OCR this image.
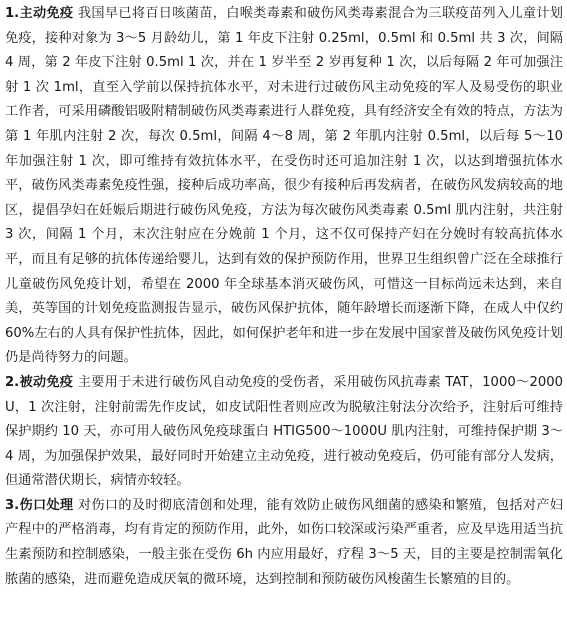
1.主动免疫 我国早已将百日咳菌苗，白喉类毒素和破伤风类毒素混合为三联疫苗列入儿童计划免疫，接种对象为 3～5 月龄幼儿，第 1 年皮下注射 0.25ml，0.5ml 和 0.5ml 共 3 次，间隔 4 周，第 2 年皮下注射 0.5ml 1 次，并在 1 岁半至 2 岁再复种 1 次，以后每隔 2 年可加强注射 1 次 1ml，直至入学前以保持抗体水平，对未进行过破伤风主动免疫的军人及易受伤的职业工作者，可采用磷酸铝吸附精制破伤风类毒素进行人群免疫，具有经济安全有效的特点，方法为第 1 年肌内注射 2 次，每次 0.5ml，间隔 4～8 周，第 2 年肌内注射 0.5ml，以后每 5～10 年加强注射 1 次，即可维持有效抗体水平，在受伤时还可追加注射 1 次，以达到增强抗体水平，破伤风类毒素免疫性强，接种后成功率高，很少有接种后再发病者，在破伤风发病较高的地区，提倡孕妇在妊娠后期进行破伤风免疫，方法为每次破伤风类毒素 0.5ml 肌内注射，共注射 3 次，间隔 1 个月，末次注射应在分娩前 1 个月，这不仅可保持产妇在分娩时有较高抗体水平，而且有足够的抗体传递给婴儿，达到有效的保护预防作用，世界卫生组织曾广泛在全球推行儿童破伤风免疫计划，希望在 2000 年全球基本消灭破伤风，可惜这一目标尚远未达到，来自美，英等国的计划免疫监测报告显示，破伤风保护抗体，随年龄增长而逐渐下降，在成人中仅约 60%左右的人具有保护性抗体，因此，如何保护老年和进一步在发展中国家普及破伤风免疫计划仍是尚待努力的问题。

2.被动免疫 主要用于未进行破伤风自动免疫的受伤者，采用破伤风抗毒素 TAT，1000～2000U，1 次注射，注射前需先作皮试，如皮试阳性者则应改为脱敏注射法分次给予，注射后可维持保护期约 10 天，亦可用人破伤风免疫球蛋白 HTIG500～1000U 肌内注射，可维持保护期 3～4 周，为加强保护效果，最好同时开始建立主动免疫，进行被动免疫后，仍可能有部分人发病，但通常潜伏期长，病情亦较轻。

3.伤口处理 对伤口的及时彻底清创和处理，能有效防止破伤风细菌的感染和繁殖，包括对产妇产程中的严格消毒，均有肯定的预防作用，此外，如伤口较深或污染严重者，应及早选用适当抗生素预防和控制感染，一般主张在受伤 6h 内应用最好，疗程 3～5 天，目的主要是控制需氧化脓菌的感染，进而避免造成厌氧的微环境，达到控制和预防破伤风梭菌生长繁殖的目的。
